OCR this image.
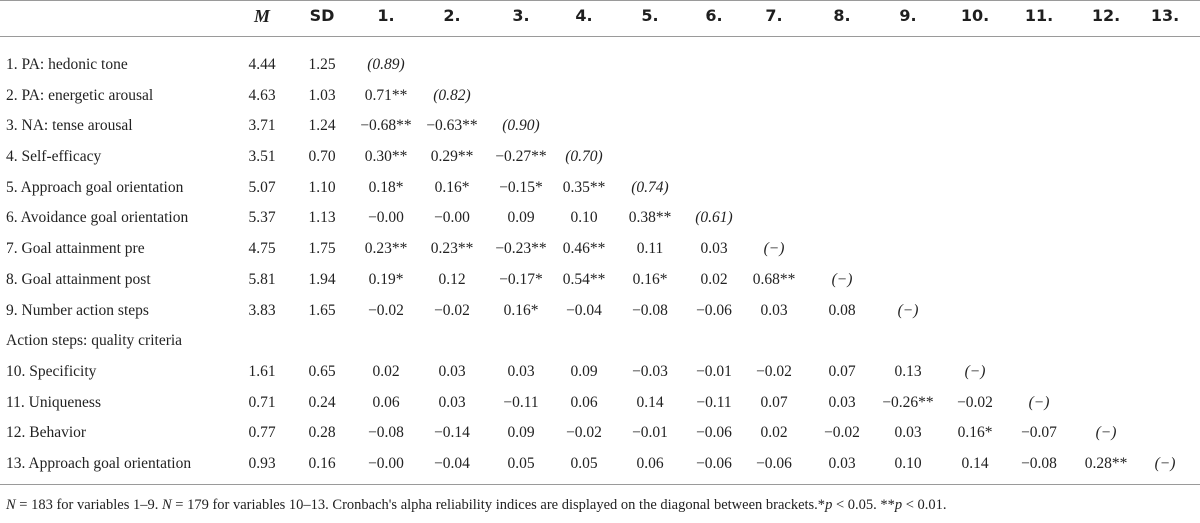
M SD	1.	2.	3.	4.	5.	6.	7.	8.	9.	10. 11. 12. 13.
1. PA: hedonic tone	4.44 1.25 (0.89)
2. PA: energetic arousal	4.63 1.03 0.71** (0.82)
3. NA: tense arousal	3.71 1.24 −0.68** −0.63** (0.90)
4. Self-efficacy	3.51 0.70 0.30** 0.29** −0.27** (0.70)
5. Approach goal orientation	5.07 1.10 0.18* 0.16* −0.15* 0.35** (0.74)
6. Avoidance goal orientation	5.37 1.13 −0.00 −0.00 0.09 0.10 0.38** (0.61)
7. Goal attainment pre	4.75 1.75 0.23** 0.23** −0.23** 0.46** 0.11 0.03 (−)
8. Goal attainment post	5.81 1.94 0.19* 0.12 −0.17* 0.54** 0.16* 0.02 0.68** (−)
9. Number action steps	3.83 1.65 −0.02 −0.02 0.16* −0.04 −0.08 −0.06 0.03	0.08	(−)
Action steps: quality criteria
10. Specificity	1.61 0.65 0.02	0.03	0.03 0.09 −0.03 −0.01 −0.02 0.07	0.13	(−)
11. Uniqueness	0.71 0.24 0.06	0.03 −0.11 0.06	0.14 −0.11 0.07	0.03 −0.26** −0.02 (−)
12. Behavior	0.77 0.28 −0.08 −0.14 0.09 −0.02 −0.01 −0.06 0.02 −0.02 0.03 0.16* −0.07 (−)
13. Approach goal orientation	0.93 0.16 −0.00 −0.04 0.05 0.05	0.06 −0.06 −0.06 0.03	0.10	0.14 −0.08 0.28** (−)
N = 183 for variables 1–9. N = 179 for variables 10–13. Cronbach's alpha reliability indices are displayed on the diagonal between brackets.*p < 0.05. **p < 0.01.
